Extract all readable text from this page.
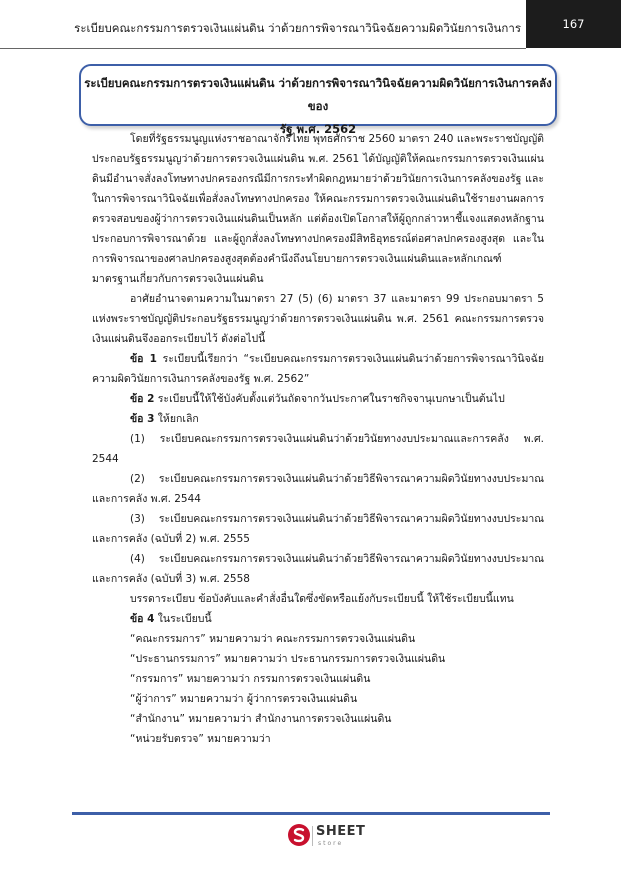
ระเบียบคณะกรรมการตรวจเงินแผ่นดิน ว่าด้วยการพิจารณาวินิจฉัยความผิดวินัยการเงินการ	167
ระเบียบคณะกรรมการตรวจเงินแผ่นดิน ว่าด้วยการพิจารณาวินิจฉัยความผิดวินัยการเงินการคลังของ
รัฐ พ.ศ. 2562

โดยที่รัฐธรรมนูญแห่งราชอาณาจักรไทย พุทธศักราช 2560 มาตรา 240 และพระราชบัญญัติประกอบรัฐธรรมนูญว่าด้วยการตรวจเงินแผ่นดิน พ.ศ. 2561 ได้บัญญัติให้คณะกรรมการตรวจเงินแผ่นดินมีอำนาจสั่งลงโทษทางปกครองกรณีมีการกระทำผิดกฎหมายว่าด้วยวินัยการเงินการคลังของรัฐ และในการพิจารณาวินิจฉัยเพื่อสั่งลงโทษทางปกครอง ให้คณะกรรมการตรวจเงินแผ่นดินใช้รายงานผลการตรวจสอบของผู้ว่าการตรวจเงินแผ่นดินเป็นหลัก แต่ต้องเปิดโอกาสให้ผู้ถูกกล่าวหาชี้แจงแสดงหลักฐานประกอบการพิจารณาด้วย และผู้ถูกสั่งลงโทษทางปกครองมีสิทธิอุทธรณ์ต่อศาลปกครองสูงสุด และในการพิจารณาของศาลปกครองสูงสุดต้องคำนึงถึงนโยบายการตรวจเงินแผ่นดินและหลักเกณฑ์มาตรฐานเกี่ยวกับการตรวจเงินแผ่นดิน

อาศัยอำนาจตามความในมาตรา 27 (5) (6) มาตรา 37 และมาตรา 99 ประกอบมาตรา 5 แห่งพระราชบัญญัติประกอบรัฐธรรมนูญว่าด้วยการตรวจเงินแผ่นดิน พ.ศ. 2561 คณะกรรมการตรวจเงินแผ่นดินจึงออกระเบียบไว้ ดังต่อไปนี้

ข้อ 1 ระเบียบนี้เรียกว่า “ระเบียบคณะกรรมการตรวจเงินแผ่นดินว่าด้วยการพิจารณาวินิจฉัยความผิดวินัยการเงินการคลังของรัฐ พ.ศ. 2562”

ข้อ 2 ระเบียบนี้ให้ใช้บังคับตั้งแต่วันถัดจากวันประกาศในราชกิจจานุเบกษาเป็นต้นไป

ข้อ 3 ให้ยกเลิก

(1) ระเบียบคณะกรรมการตรวจเงินแผ่นดินว่าด้วยวินัยทางงบประมาณและการคลัง พ.ศ. 2544

(2) ระเบียบคณะกรรมการตรวจเงินแผ่นดินว่าด้วยวิธีพิจารณาความผิดวินัยทางงบประมาณและการคลัง พ.ศ. 2544

(3) ระเบียบคณะกรรมการตรวจเงินแผ่นดินว่าด้วยวิธีพิจารณาความผิดวินัยทางงบประมาณและการคลัง (ฉบับที่ 2) พ.ศ. 2555

(4) ระเบียบคณะกรรมการตรวจเงินแผ่นดินว่าด้วยวิธีพิจารณาความผิดวินัยทางงบประมาณและการคลัง (ฉบับที่ 3) พ.ศ. 2558

บรรดาระเบียบ ข้อบังคับและคำสั่งอื่นใดซึ่งขัดหรือแย้งกับระเบียบนี้ ให้ใช้ระเบียบนี้แทน

ข้อ 4 ในระเบียบนี้

“คณะกรรมการ” หมายความว่า คณะกรรมการตรวจเงินแผ่นดิน

“ประธานกรรมการ” หมายความว่า ประธานกรรมการตรวจเงินแผ่นดิน

“กรรมการ” หมายความว่า กรรมการตรวจเงินแผ่นดิน

“ผู้ว่าการ” หมายความว่า ผู้ว่าการตรวจเงินแผ่นดิน

“สำนักงาน” หมายความว่า สำนักงานการตรวจเงินแผ่นดิน

“หน่วยรับตรวจ” หมายความว่า

SHEET
store
